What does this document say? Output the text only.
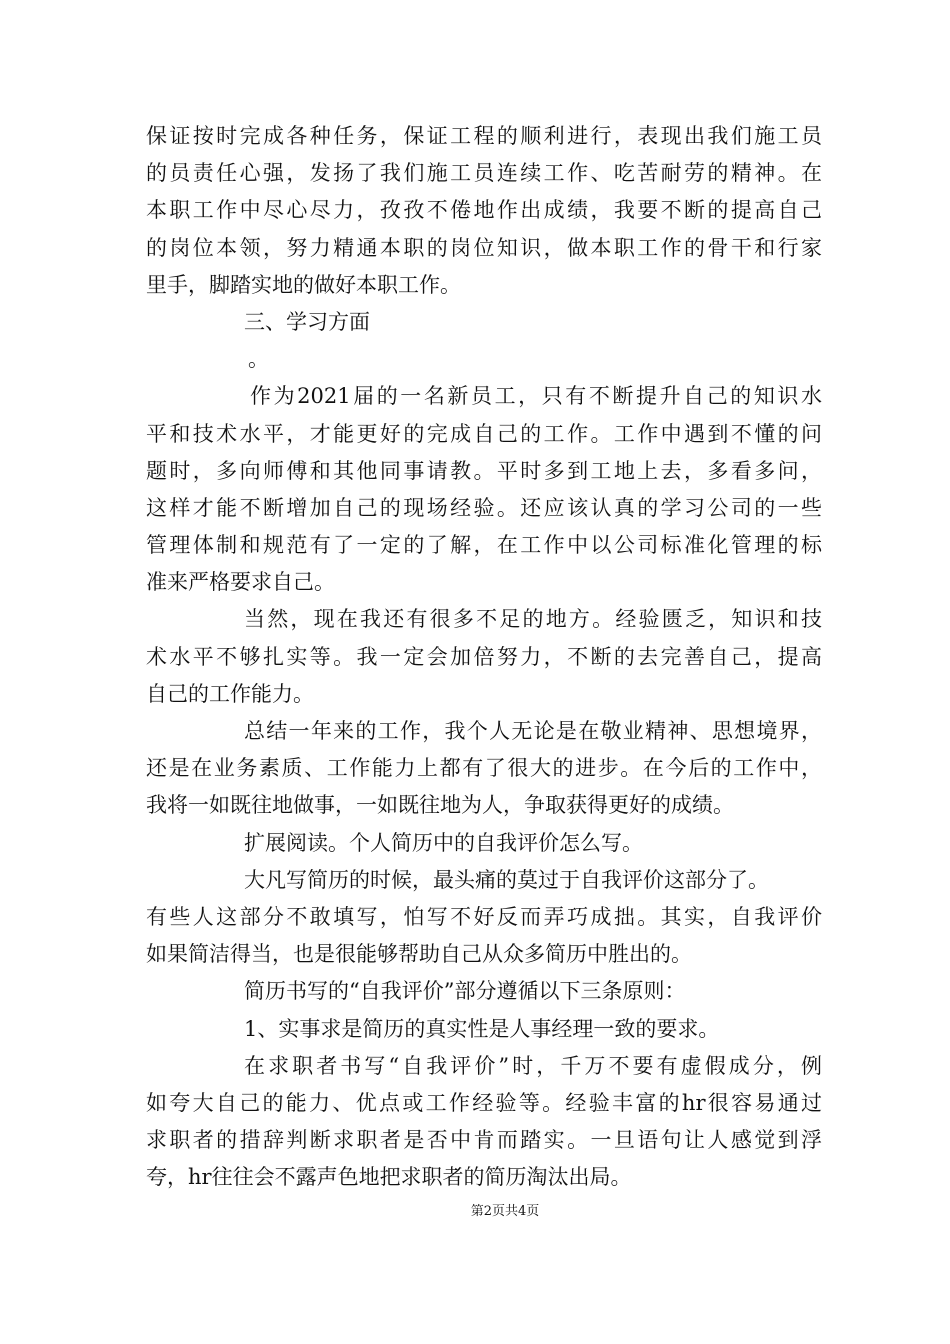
保证按时完成各种任务，保证工程的顺利进行，表现出我们施工员
的员责任心强，发扬了我们施工员连续工作、吃苦耐劳的精神。在
本职工作中尽心尽力，孜孜不倦地作出成绩，我要不断的提高自己
的岗位本领，努力精通本职的岗位知识，做本职工作的骨干和行家
里手，脚踏实地的做好本职工作。
三、学习方面
。
作为2021届的一名新员工，只有不断提升自己的知识水
平和技术水平，才能更好的完成自己的工作。工作中遇到不懂的问
题时，多向师傅和其他同事请教。平时多到工地上去，多看多问，
这样才能不断增加自己的现场经验。还应该认真的学习公司的一些
管理体制和规范有了一定的了解，在工作中以公司标准化管理的标
准来严格要求自己。
当然，现在我还有很多不足的地方。经验匮乏，知识和技
术水平不够扎实等。我一定会加倍努力，不断的去完善自己，提高
自己的工作能力。
总结一年来的工作，我个人无论是在敬业精神、思想境界，
还是在业务素质、工作能力上都有了很大的进步。在今后的工作中，
我将一如既往地做事，一如既往地为人，争取获得更好的成绩。
扩展阅读。个人简历中的自我评价怎么写。
大凡写简历的时候，最头痛的莫过于自我评价这部分了。
有些人这部分不敢填写，怕写不好反而弄巧成拙。其实，自我评价
如果简洁得当，也是很能够帮助自己从众多简历中胜出的。
简历书写的“自我评价”部分遵循以下三条原则：
1、实事求是简历的真实性是人事经理一致的要求。
在求职者书写“自我评价”时，千万不要有虚假成分，例
如夸大自己的能力、优点或工作经验等。经验丰富的hr很容易通过
求职者的措辞判断求职者是否中肯而踏实。一旦语句让人感觉到浮
夸，hr往往会不露声色地把求职者的简历淘汰出局。
第2页共4页
